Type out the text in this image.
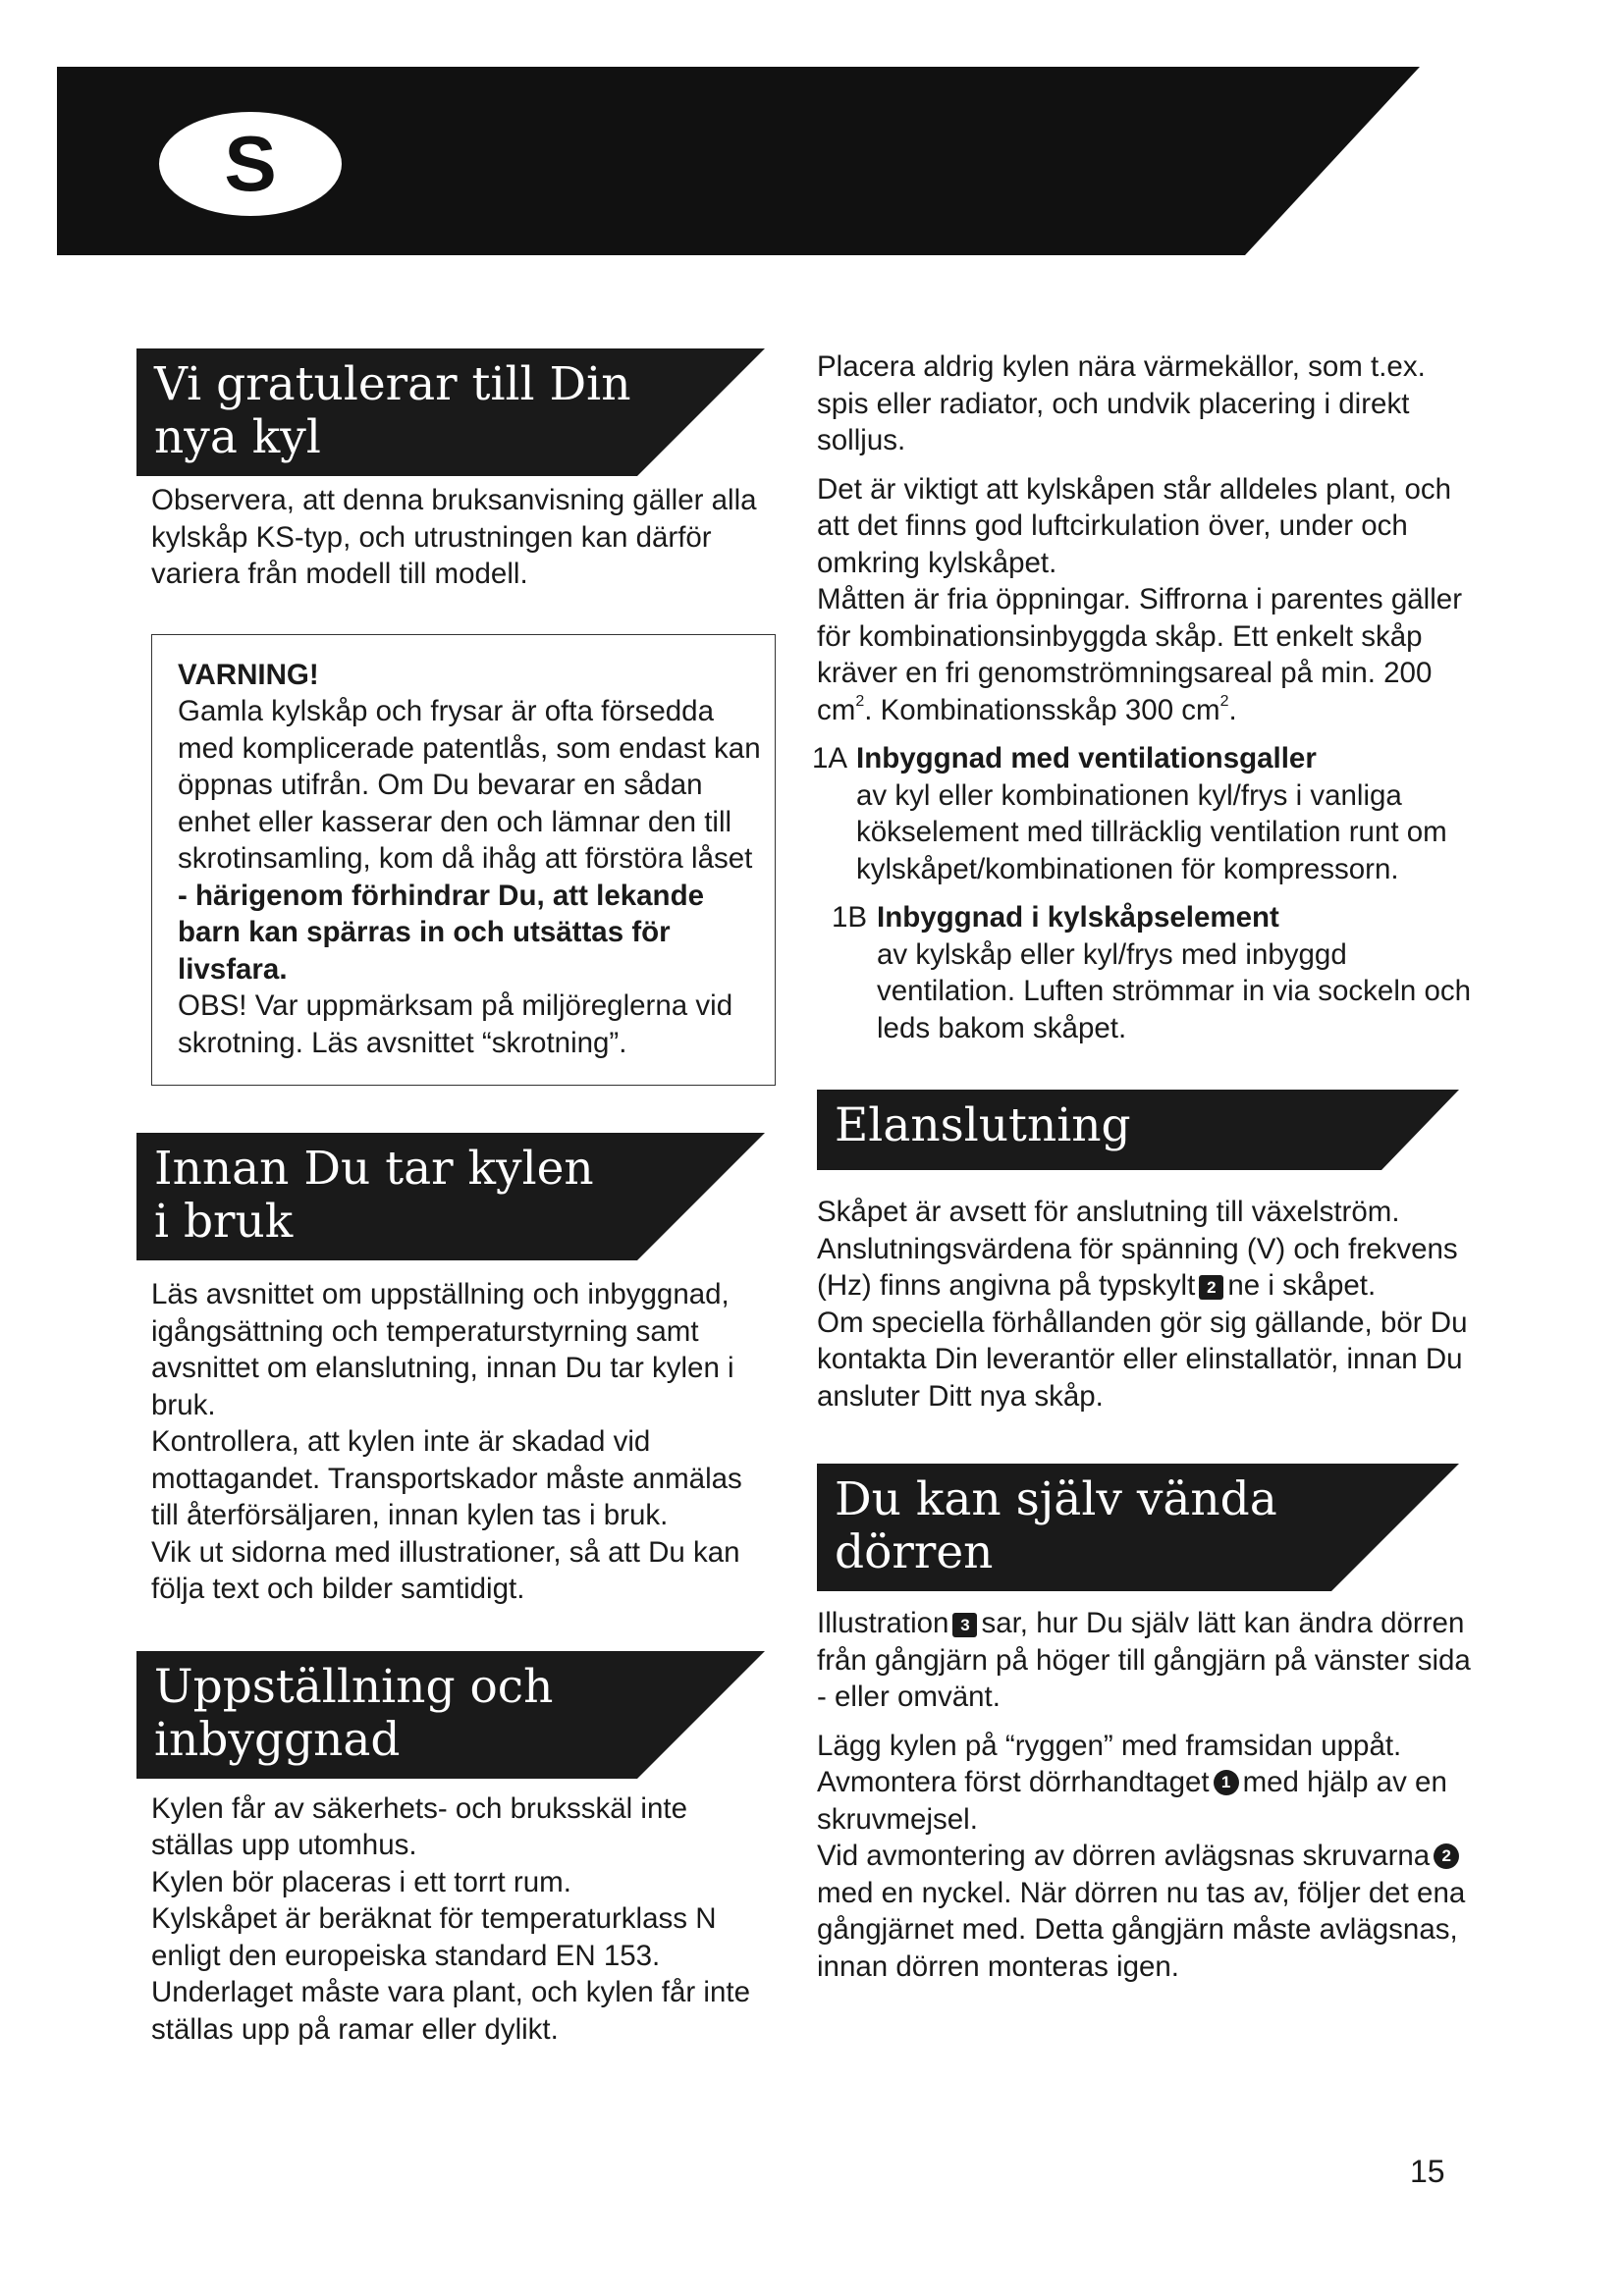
S
Vi gratulerar till Din
nya kyl

Observera, att denna bruksanvisning gäller alla kylskåp KS-typ, och utrustningen kan därför variera från modell till modell.

VARNING!

Gamla kylskåp och frysar är ofta försedda med komplicerade patentlås, som endast kan öppnas utifrån. Om Du bevarar en sådan enhet eller kasserar den och lämnar den till skrotinsamling, kom då ihåg att förstöra låset - härigenom förhindrar Du, att lekande barn kan spärras in och utsättas för livsfara.

OBS! Var uppmärksam på miljöreglerna vid skrotning. Läs avsnittet “skrotning”.

Innan Du tar kylen
i bruk

Läs avsnittet om uppställning och inbyggnad, igångsättning och temperaturstyrning samt avsnittet om elanslutning, innan Du tar kylen i bruk.

Kontrollera, att kylen inte är skadad vid mottagandet. Transportskador måste anmälas till återförsäljaren, innan kylen tas i bruk.

Vik ut sidorna med illustrationer, så att Du kan följa text och bilder samtidigt.

Uppställning och
inbyggnad

Kylen får av säkerhets- och bruksskäl inte ställas upp utomhus.

Kylen bör placeras i ett torrt rum.

Kylskåpet är beräknat för temperaturklass N enligt den europeiska standard EN 153.

Underlaget måste vara plant, och kylen får inte ställas upp på ramar eller dylikt.

Placera aldrig kylen nära värmekällor, som t.ex. spis eller radiator, och undvik placering i direkt solljus.

Det är viktigt att kylskåpen står alldeles plant, och att det finns god luftcirkulation över, under och omkring kylskåpet.

Måtten är fria öppningar. Siffrorna i parentes gäller för kombinationsinbyggda skåp. Ett enkelt skåp kräver en fri genomströmningsareal på min. 200 $cm^2$. Kombinationsskåp 300 $cm^2$.

1A Inbyggnad med ventilationsgaller

av kyl eller kombinationen kyl/frys i vanliga kökselement med tillräcklig ventilation runt om kylskåpet/kombinationen för kompressorn.

1B Inbyggnad i kylskåpselement

av kylskåp eller kyl/frys med inbyggd ventilation. Luften strömmar in via sockeln och leds bakom skåpet.

Elanslutning

Skåpet är avsett för anslutning till växelström. Anslutningsvärdena för spänning (V) och frekvens (Hz) finns angivna på typskylt 2 ne i skåpet.

Om speciella förhållanden gör sig gällande, bör Du kontakta Din leverantör eller elinstallatör, innan Du ansluter Ditt nya skåp.

Du kan själv vända
dörren

Illustration 3 sar, hur Du själv lätt kan ändra dörren från gångjärn på höger till gångjärn på vänster sida - eller omvänt.

Lägg kylen på “ryggen” med framsidan uppåt. Avmontera först dörrhandtaget 1 med hjälp av en skruvmejsel.

Vid avmontering av dörren avlägsnas skruvarna 2med en nyckel. När dörren nu tas av, följer det ena gångjärnet med. Detta gångjärn måste avlägsnas, innan dörren monteras igen.

15
